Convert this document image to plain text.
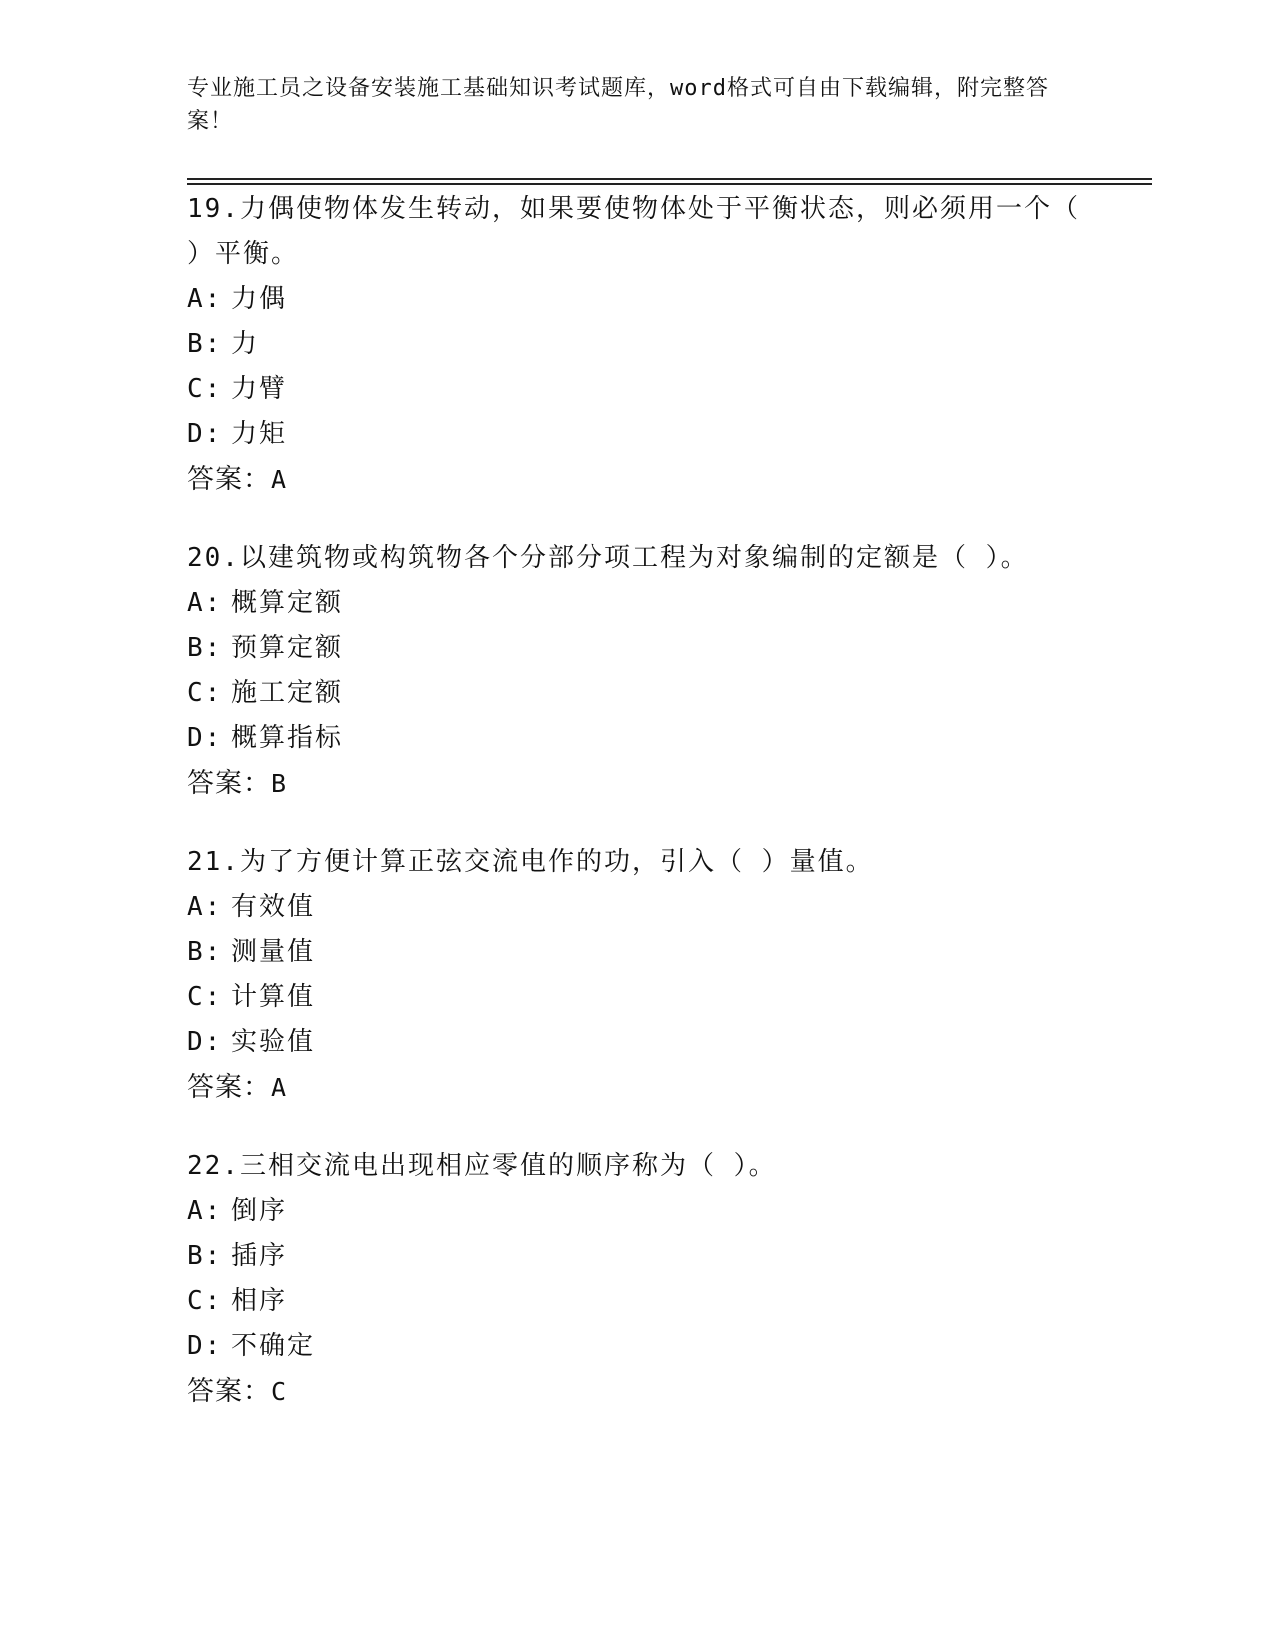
专业施工员之设备安装施工基础知识考试题库，word格式可自由下载编辑，附完整答案！
19.力偶使物体发生转动，如果要使物体处于平衡状态，则必须用一个（ ）平衡。
A: 力偶
B: 力
C: 力臂
D: 力矩
答案：A
20.以建筑物或构筑物各个分部分项工程为对象编制的定额是（ ）。
A: 概算定额
B: 预算定额
C: 施工定额
D: 概算指标
答案：B
21.为了方便计算正弦交流电作的功，引入（ ）量值。
A: 有效值
B: 测量值
C: 计算值
D: 实验值
答案：A
22.三相交流电出现相应零值的顺序称为（ ）。
A: 倒序
B: 插序
C: 相序
D: 不确定
答案：C
